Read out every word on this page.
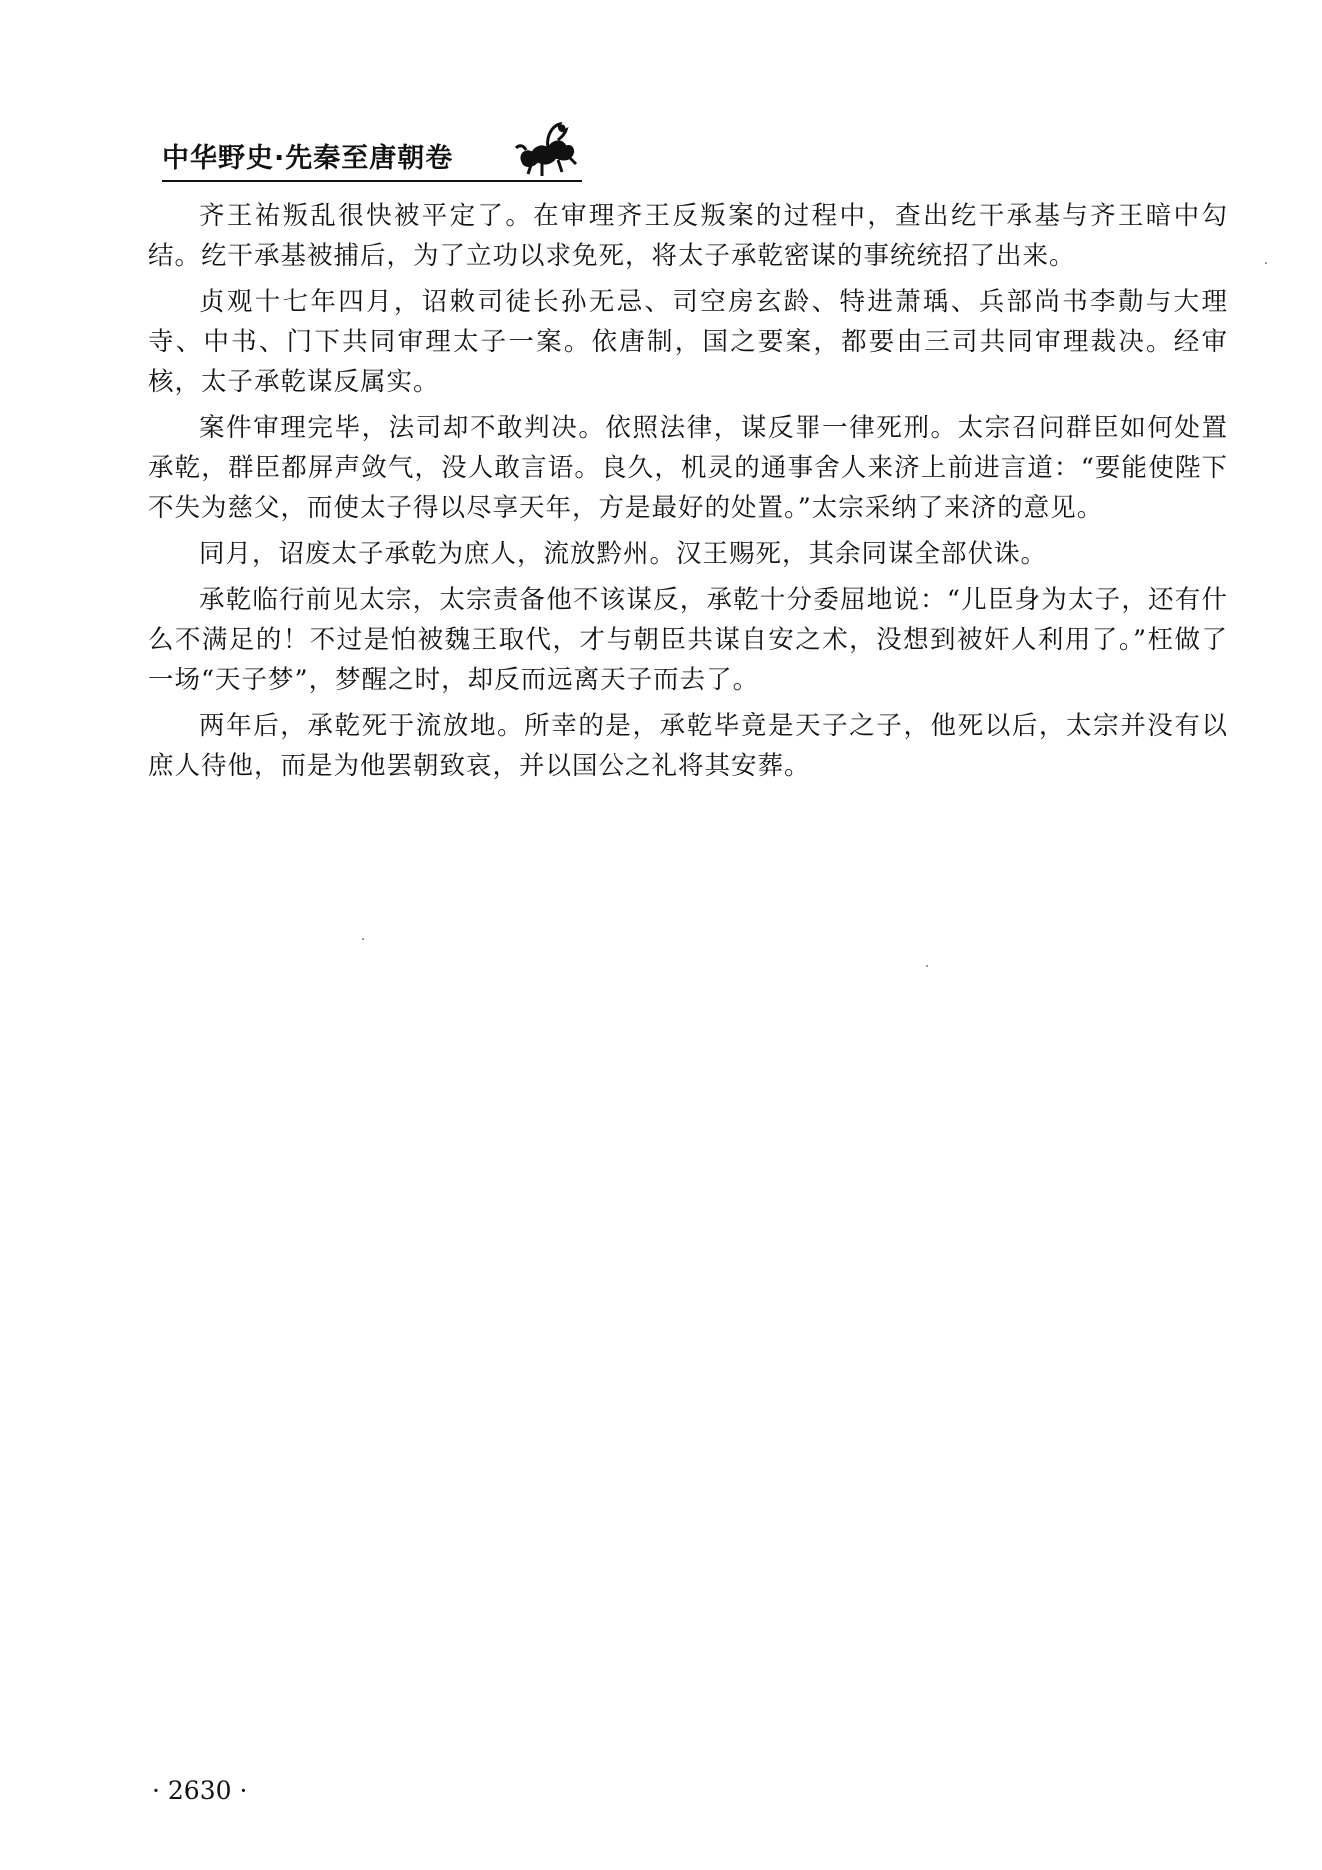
中华野史·先秦至唐朝卷

齐王祐叛乱很快被平定了。在审理齐王反叛案的过程中，查出纥干承基与齐王暗中勾结。纥干承基被捕后，为了立功以求免死，将太子承乾密谋的事统统招了出来。

贞观十七年四月，诏敕司徒长孙无忌、司空房玄龄、特进萧瑀、兵部尚书李勣与大理寺、中书、门下共同审理太子一案。依唐制，国之要案，都要由三司共同审理裁决。经审核，太子承乾谋反属实。

案件审理完毕，法司却不敢判决。依照法律，谋反罪一律死刑。太宗召问群臣如何处置承乾，群臣都屏声敛气，没人敢言语。良久，机灵的通事舍人来济上前进言道：“要能使陛下不失为慈父，而使太子得以尽享天年，方是最好的处置。”太宗采纳了来济的意见。

同月，诏废太子承乾为庶人，流放黔州。汉王赐死，其余同谋全部伏诛。

承乾临行前见太宗，太宗责备他不该谋反，承乾十分委屈地说：“儿臣身为太子，还有什么不满足的！不过是怕被魏王取代，才与朝臣共谋自安之术，没想到被奸人利用了。”枉做了一场“天子梦”，梦醒之时，却反而远离天子而去了。

两年后，承乾死于流放地。所幸的是，承乾毕竟是天子之子，他死以后，太宗并没有以庶人待他，而是为他罢朝致哀，并以国公之礼将其安葬。

· 2630 ·
